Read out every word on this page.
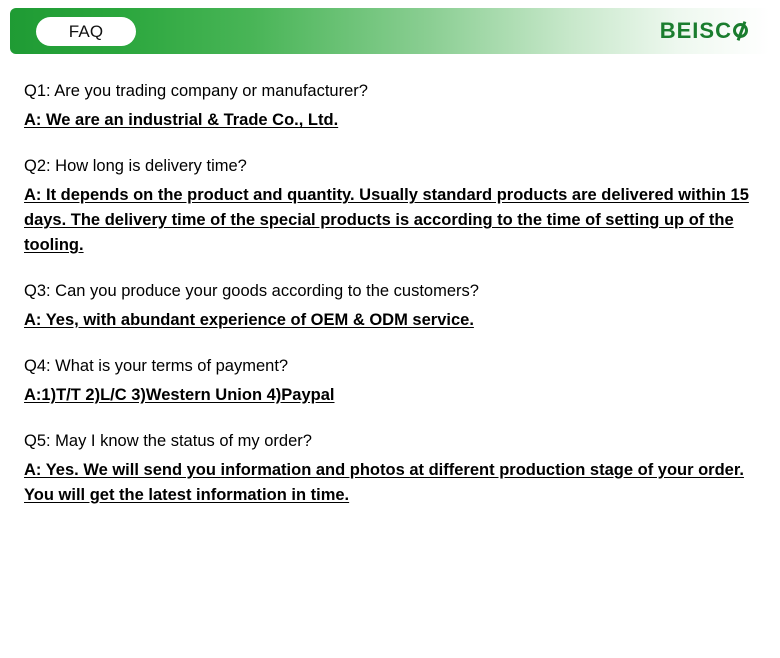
FAQ	BEISC
Q1: Are you trading company or manufacturer?
A: We are an industrial & Trade Co., Ltd.
Q2: How long is delivery time?
A: It depends on the product and quantity. Usually standard products are delivered within 15 days. The delivery time of the special products is according to the time of setting up of the tooling.
Q3: Can you produce your goods according to the customers?
A: Yes, with abundant experience of OEM & ODM service.
Q4: What is your terms of payment?
A:1)T/T 2)L/C 3)Western Union 4)Paypal
Q5: May I know the status of my order?
A: Yes. We will send you information and photos at different production stage of your order. You will get the latest information in time.
